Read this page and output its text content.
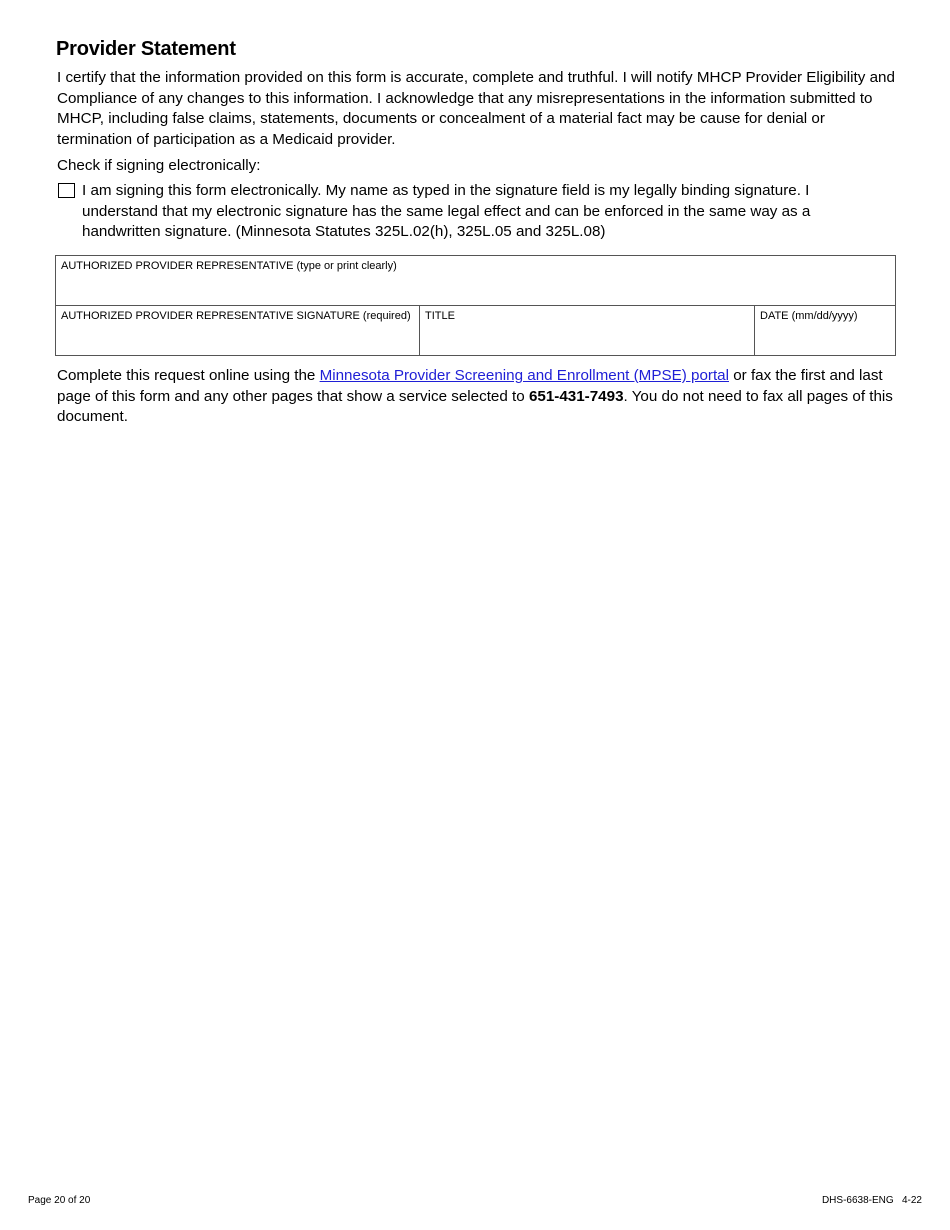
Provider Statement

I certify that the information provided on this form is accurate, complete and truthful. I will notify MHCP Provider Eligibility and Compliance of any changes to this information. I acknowledge that any misrepresentations in the information submitted to MHCP, including false claims, statements, documents or concealment of a material fact may be cause for denial or termination of participation as a Medicaid provider.

Check if signing electronically:

I am signing this form electronically. My name as typed in the signature field is my legally binding signature. I understand that my electronic signature has the same legal effect and can be enforced in the same way as a handwritten signature. (Minnesota Statutes 325L.02(h), 325L.05 and 325L.08)

AUTHORIZED PROVIDER REPRESENTATIVE (type or print clearly)

AUTHORIZED PROVIDER REPRESENTATIVE SIGNATURE (required)	TITLE	DATE (mm/dd/yyyy)

Complete this request online using the Minnesota Provider Screening and Enrollment (MPSE) portal or fax the first and last page of this form and any other pages that show a service selected to 651-431-7493. You do not need to fax all pages of this document.

Page 20 of 20	DHS-6638-ENG   4-22
